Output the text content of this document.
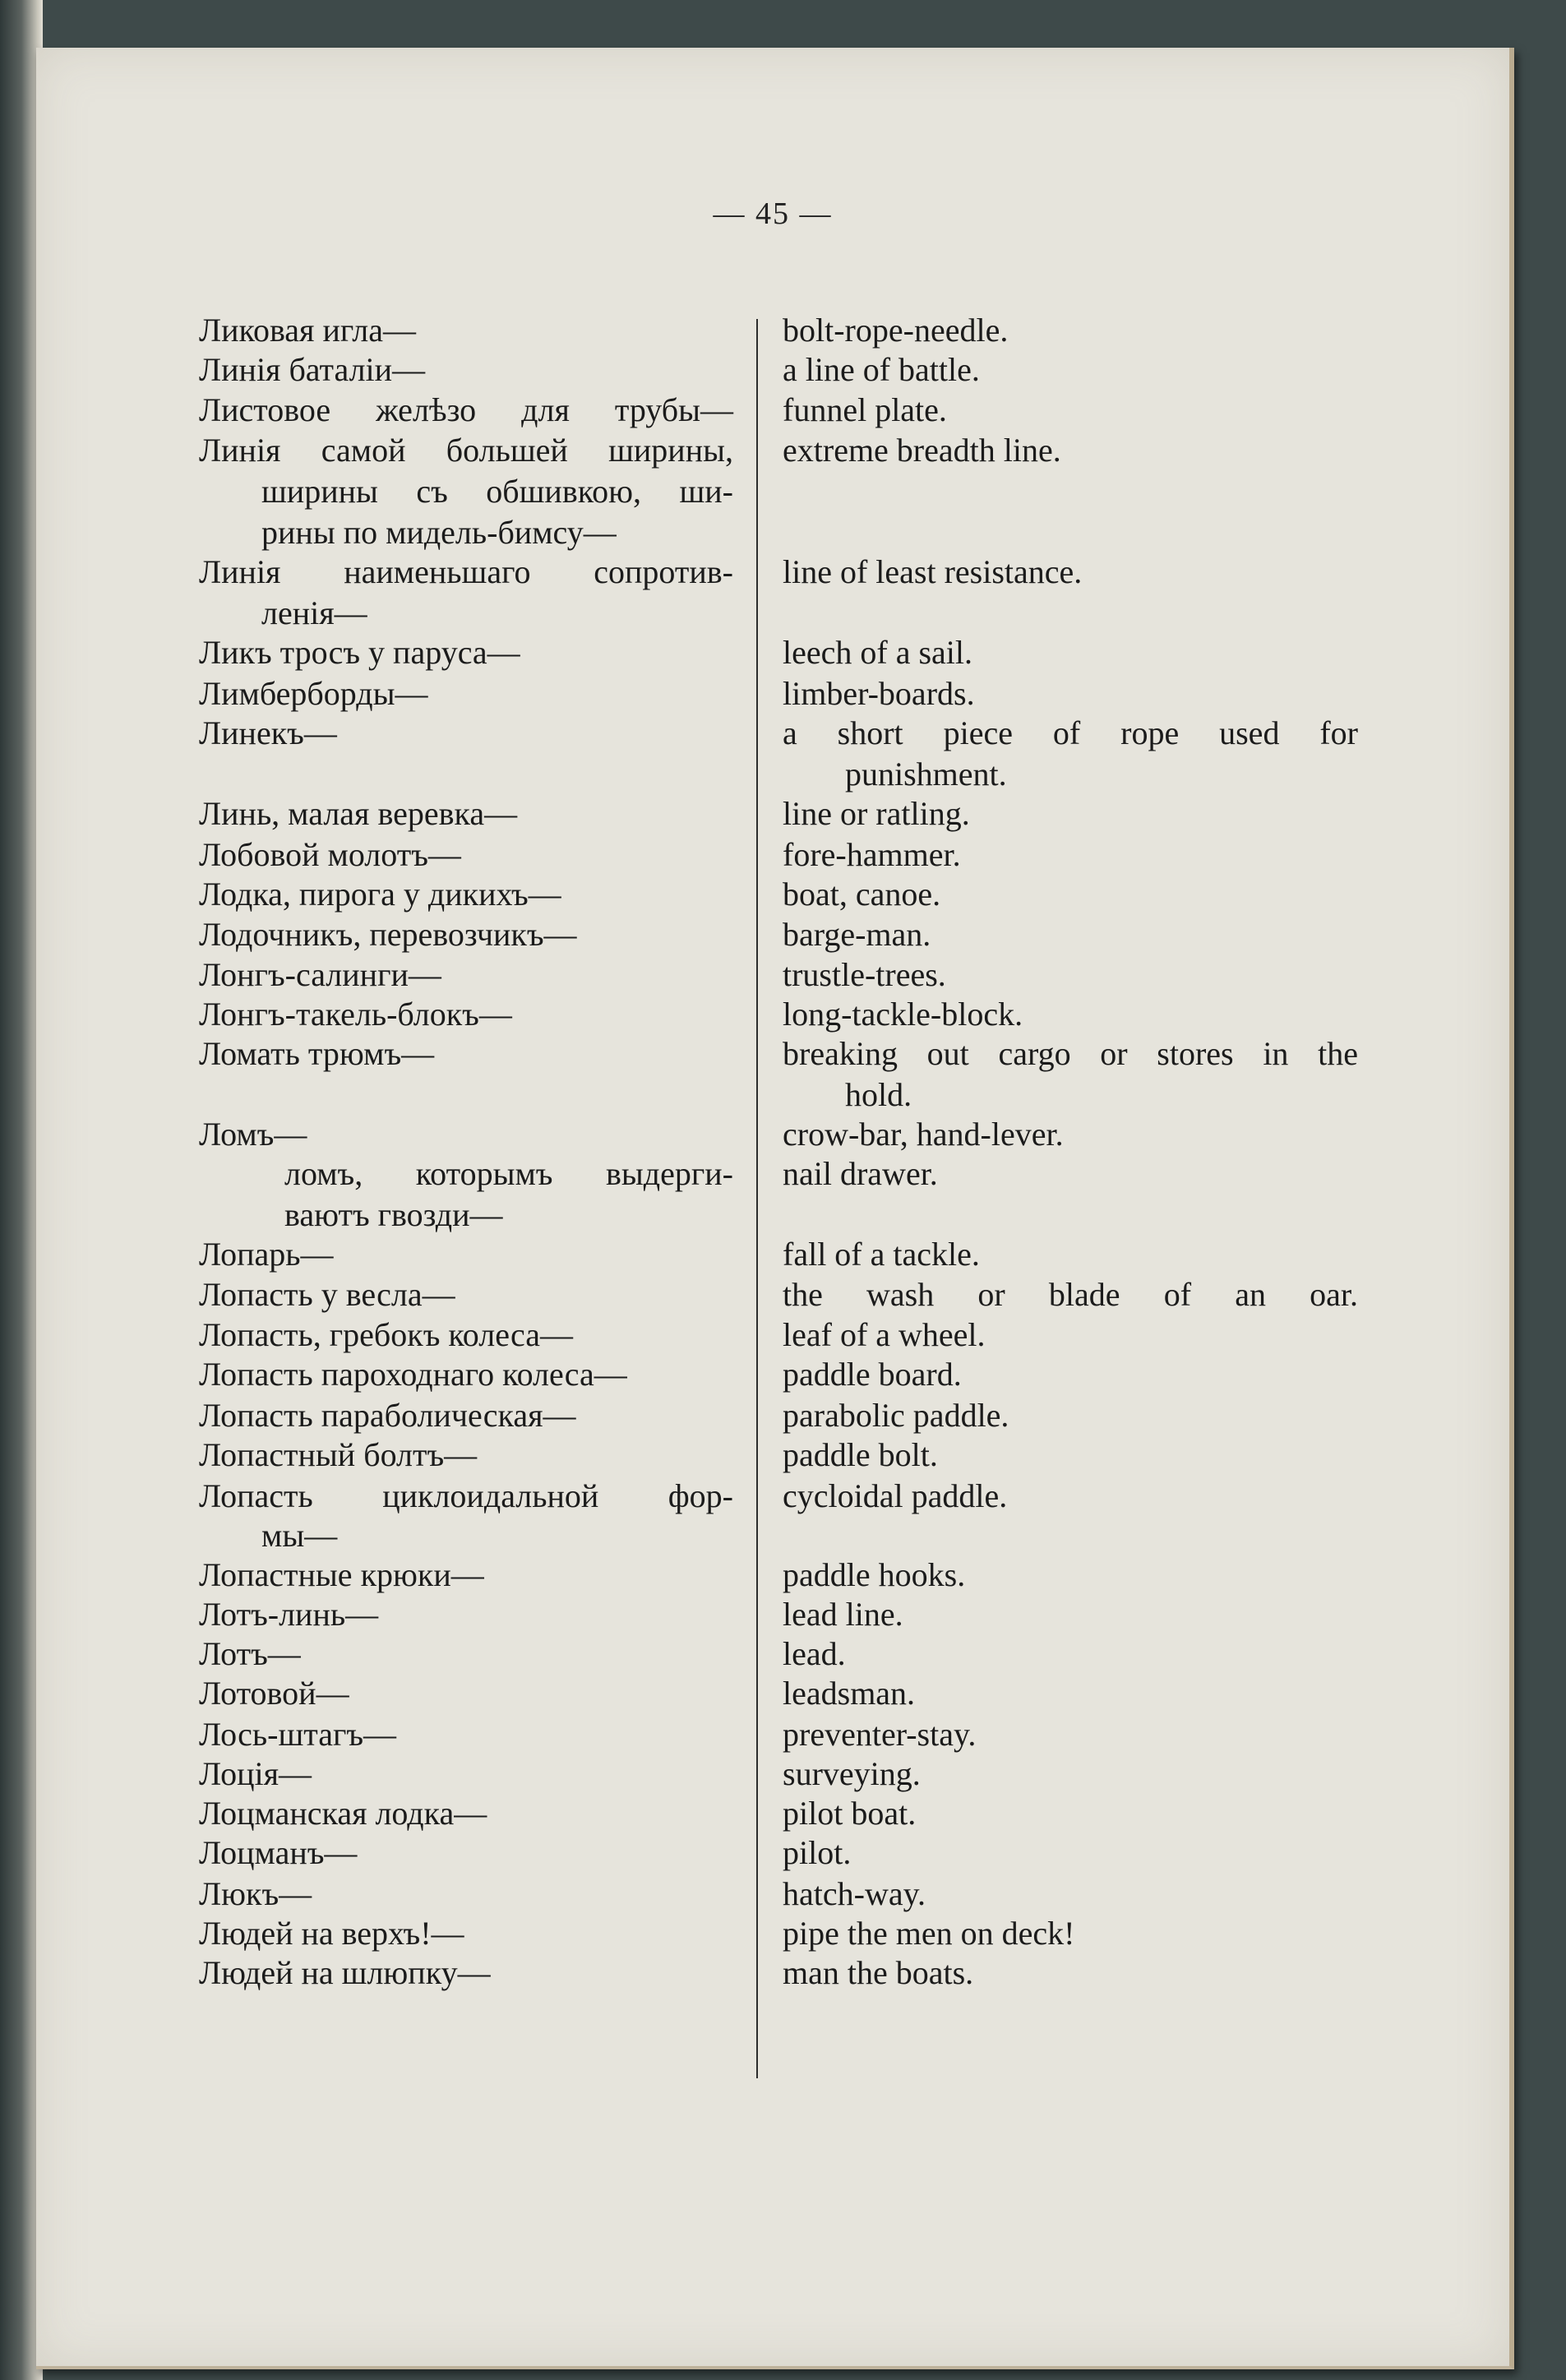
— 45 —
Ликовая игла—
Линія баталіи—
Листовое желѣзо для трубы—
Линія самой большей ширины,
ширины съ обшивкою, ши-
рины по мидель-бимсу—
Линія наименьшаго сопротив-
ленія—
Ликъ тросъ у паруса—
Лимберборды—
Линекъ—
Линь, малая веревка—
Лобовой молотъ—
Лодка, пирога у дикихъ—
Лодочникъ, перевозчикъ—
Лонгъ-салинги—
Лонгъ-такель-блокъ—
Ломать трюмъ—
Ломъ—
ломъ, которымъ выдерги-
ваютъ гвозди—
Лопарь—
Лопасть у весла—
Лопасть, гребокъ колеса—
Лопасть пароходнаго колеса—
Лопасть параболическая—
Лопастный болтъ—
Лопасть циклоидальной фор-
мы—
Лопастные крюки—
Лотъ-линь—
Лотъ—
Лотовой—
Лось-штагъ—
Лоція—
Лоцманская лодка—
Лоцманъ—
Люкъ—
Людей на верхъ!—
Людей на шлюпку—
bolt-rope-needle.
a line of battle.
funnel plate.
extreme breadth line.
line of least resistance.
leech of a sail.
limber-boards.
a short piece of rope used for
punishment.
line or ratling.
fore-hammer.
boat, canoe.
barge-man.
trustle-trees.
long-tackle-block.
breaking out cargo or stores in the
hold.
crow-bar, hand-lever.
nail drawer.
fall of a tackle.
the wash or blade of an oar.
leaf of a wheel.
paddle board.
parabolic paddle.
paddle bolt.
cycloidal paddle.
paddle hooks.
lead line.
lead.
leadsman.
preventer-stay.
surveying.
pilot boat.
pilot.
hatch-way.
pipe the men on deck!
man the boats.
